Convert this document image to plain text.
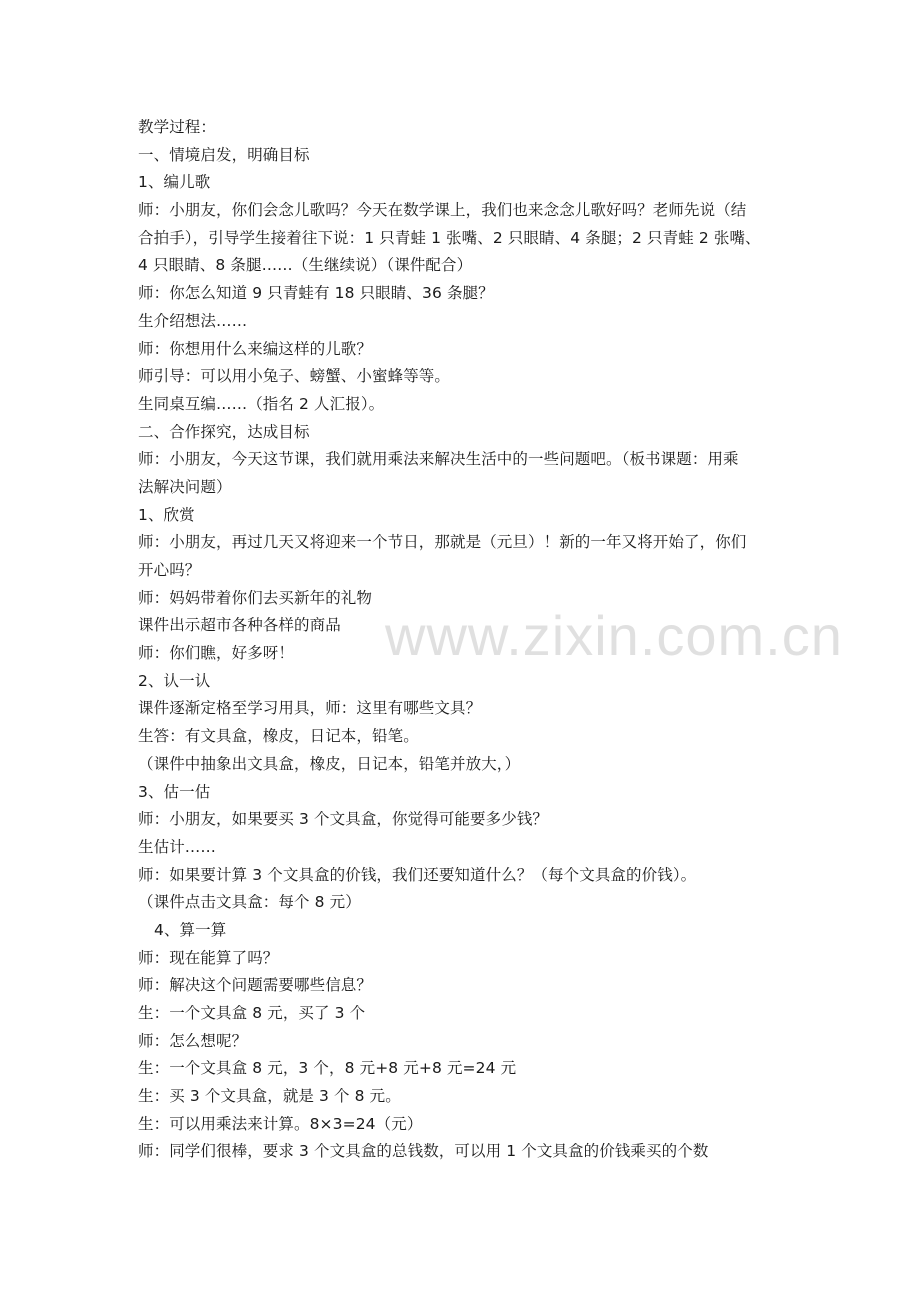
教学过程：
一、情境启发，明确目标
1、编儿歌
师：小朋友，你们会念儿歌吗？今天在数学课上，我们也来念念儿歌好吗？老师先说（结
合拍手），引导学生接着往下说：1 只青蛙 1 张嘴、2 只眼睛、4 条腿；2 只青蛙 2 张嘴、
4 只眼睛、8 条腿……（生继续说）（课件配合）
师：你怎么知道 9 只青蛙有 18 只眼睛、36 条腿？
生介绍想法……
师：你想用什么来编这样的儿歌？
师引导：可以用小兔子、螃蟹、小蜜蜂等等。
生同桌互编……（指名 2 人汇报）。
二、合作探究，达成目标
师：小朋友，今天这节课，我们就用乘法来解决生活中的一些问题吧。（板书课题：用乘
法解决问题）
1、欣赏
师：小朋友，再过几天又将迎来一个节日，那就是（元旦）！新的一年又将开始了，你们
开心吗？
师：妈妈带着你们去买新年的礼物
课件出示超市各种各样的商品
师：你们瞧，好多呀！
2、认一认
课件逐渐定格至学习用具，师：这里有哪些文具？
生答：有文具盒，橡皮，日记本，铅笔。
（课件中抽象出文具盒，橡皮，日记本，铅笔并放大，）
3、估一估
师：小朋友，如果要买 3 个文具盒，你觉得可能要多少钱？
生估计……
师：如果要计算 3 个文具盒的价钱，我们还要知道什么？（每个文具盒的价钱）。
（课件点击文具盒：每个 8 元）
4、算一算
师：现在能算了吗？
师：解决这个问题需要哪些信息？
生：一个文具盒 8 元，买了 3 个
师：怎么想呢？
生：一个文具盒 8 元，3 个，8 元+8 元+8 元=24 元
生：买 3 个文具盒，就是 3 个 8 元。
生：可以用乘法来计算。8×3=24（元）
师：同学们很棒，要求 3 个文具盒的总钱数，可以用 1 个文具盒的价钱乘买的个数
www.zixin.com.cn
